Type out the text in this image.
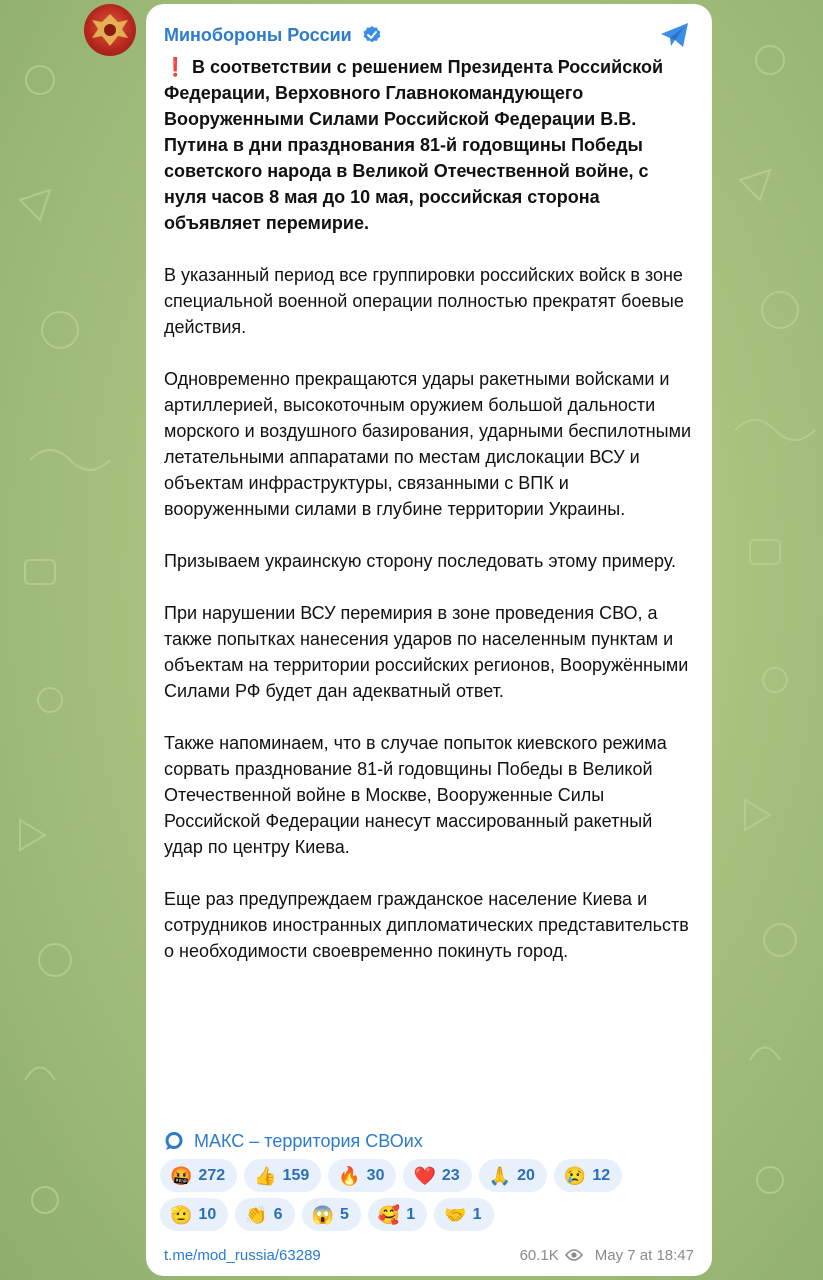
Минобороны России

❗ В соответствии с решением Президента Российской Федерации, Верховного Главнокомандующего Вооруженными Силами Российской Федерации В.В. Путина в дни празднования 81-й годовщины Победы советского народа в Великой Отечественной войне, с нуля часов 8 мая до 10 мая, российская сторона объявляет перемирие.

В указанный период все группировки российских войск в зоне специальной военной операции полностью прекратят боевые действия.

Одновременно прекращаются удары ракетными войсками и артиллерией, высокоточным оружием большой дальности морского и воздушного базирования, ударными беспилотными летательными аппаратами по местам дислокации ВСУ и объектам инфраструктуры, связанными с ВПК и вооруженными силами в глубине территории Украины.

Призываем украинскую сторону последовать этому примеру.

При нарушении ВСУ перемирия в зоне проведения СВО, а также попытках нанесения ударов по населенным пунктам и объектам на территории российских регионов, Вооружёнными Силами РФ будет дан адекватный ответ.

Также напоминаем, что в случае попыток киевского режима сорвать празднование 81-й годовщины Победы в Великой Отечественной войне в Москве, Вооруженные Силы Российской Федерации нанесут массированный ракетный удар по центру Киева.

Еще раз предупреждаем гражданское население Киева и сотрудников иностранных дипломатических представительств о необходимости своевременно покинуть город.

МАКС – территория СВОих
🤬 272 👍 159 🔥 30 ❤️ 23 🙏 20 😢 12
🫡 10 👏 6 😱 5 🥰 1 🤝 1
t.me/mod_russia/63289	60.1K May 7 at 18:47
